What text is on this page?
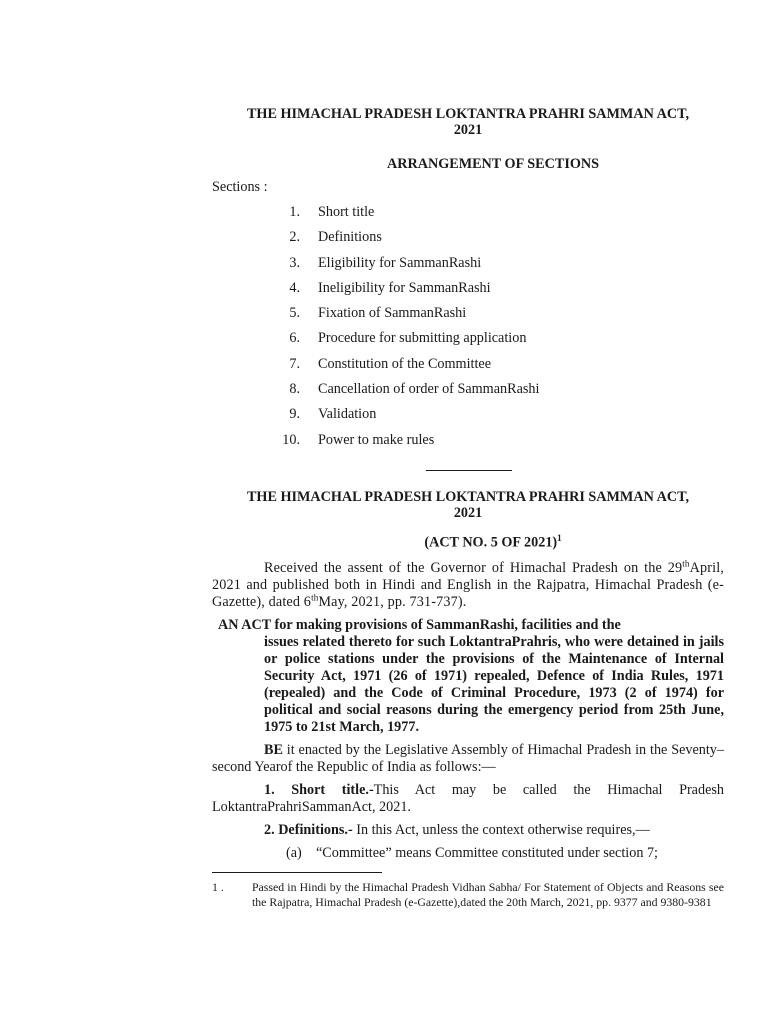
THE HIMACHAL PRADESH LOKTANTRA PRAHRI SAMMAN ACT,
2021
ARRANGEMENT OF SECTIONS
Sections :
1.	Short title
2.	Definitions
3.	Eligibility for SammanRashi
4.	Ineligibility for SammanRashi
5.	Fixation of SammanRashi
6.	Procedure for submitting application
7.	Constitution of the Committee
8.	Cancellation of order of SammanRashi
9.	Validation
10.	Power to make rules
THE HIMACHAL PRADESH LOKTANTRA PRAHRI SAMMAN ACT,
2021
(ACT NO. 5 OF 2021)$^1$
Received the assent of the Governor of Himachal Pradesh on the 29thApril, 2021 and published both in Hindi and English in the Rajpatra, Himachal Pradesh (e-Gazette), dated 6thMay, 2021, pp. 731-737).
AN ACT for making provisions of SammanRashi, facilities and the
issues related thereto for such LoktantraPrahris, who were detained in jails or police stations under the provisions of the Maintenance of Internal Security Act, 1971 (26 of 1971) repealed, Defence of India Rules, 1971 (repealed) and the Code of Criminal Procedure, 1973 (2 of 1974) for political and social reasons during the emergency period from 25th June, 1975 to 21st March, 1977.
BE it enacted by the Legislative Assembly of Himachal Pradesh in the Seventy–second Yearof the Republic of India as follows:—
1. Short title.-This Act may be called the Himachal Pradesh LoktantraPrahriSammanAct, 2021.
2. Definitions.- In this Act, unless the context otherwise requires,—
(a) “Committee” means Committee constituted under section 7;
1 .	Passed in Hindi by the Himachal Pradesh Vidhan Sabha/ For Statement of Objects and Reasons see the Rajpatra, Himachal Pradesh (e-Gazette),dated the 20th March, 2021, pp. 9377 and 9380-9381
